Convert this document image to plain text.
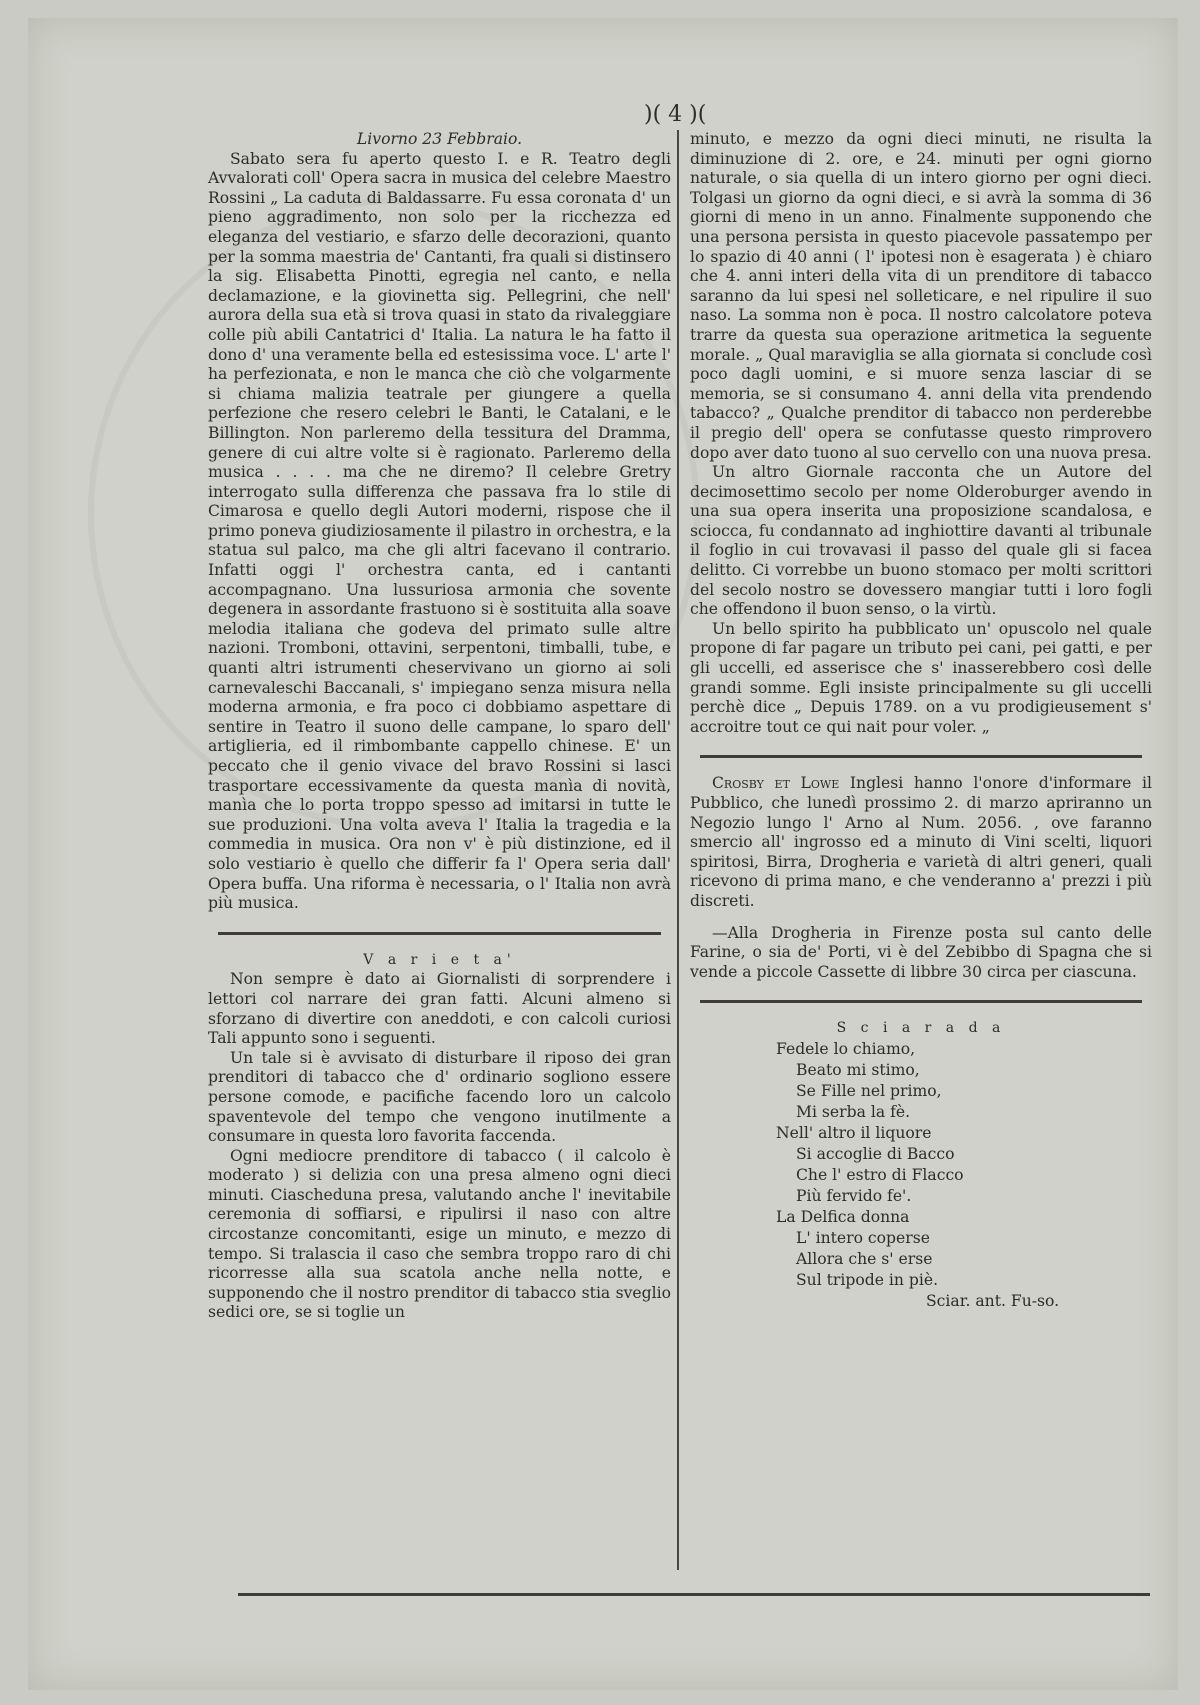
)( 4 )(

Livorno 23 Febbraio.

Sabato sera fu aperto questo I. e R. Teatro degli Avvalorati coll' Opera sacra in musica del celebre Maestro Rossini „ La caduta di Baldassarre. Fu essa coronata d' un pieno aggradimento, non solo per la ricchezza ed eleganza del vestiario, e sfarzo delle decorazioni, quanto per la somma maestria de' Cantanti, fra quali si distinsero la sig. Elisabetta Pinotti, egregia nel canto, e nella declamazione, e la giovinetta sig. Pellegrini, che nell' aurora della sua età si trova quasi in stato da rivaleggiare colle più abili Cantatrici d' Italia. La natura le ha fatto il dono d' una veramente bella ed estesissima voce. L' arte l' ha perfezionata, e non le manca che ciò che volgarmente si chiama malizia teatrale per giungere a quella perfezione che resero celebri le Banti, le Catalani, e le Billington. Non parleremo della tessitura del Dramma, genere di cui altre volte si è ragionato. Parleremo della musica . . . . ma che ne diremo? Il celebre Gretry interrogato sulla differenza che passava fra lo stile di Cimarosa e quello degli Autori moderni, rispose che il primo poneva giudiziosamente il pilastro in orchestra, e la statua sul palco, ma che gli altri facevano il contrario. Infatti oggi l' orchestra canta, ed i cantanti accompagnano. Una lussuriosa armonia che sovente degenera in assordante frastuono si è sostituita alla soave melodia italiana che godeva del primato sulle altre nazioni. Tromboni, ottavini, serpentoni, timballi, tube, e quanti altri istrumenti cheservivano un giorno ai soli carnevaleschi Baccanali, s' impiegano senza misura nella moderna armonia, e fra poco ci dobbiamo aspettare di sentire in Teatro il suono delle campane, lo sparo dell' artiglieria, ed il rimbombante cappello chinese. E' un peccato che il genio vivace del bravo Rossini si lasci trasportare eccessivamente da questa manìa di novità, manìa che lo porta troppo spesso ad imitarsi in tutte le sue produzioni. Una volta aveva l' Italia la tragedia e la commedia in musica. Ora non v' è più distinzione, ed il solo vestiario è quello che differir fa l' Opera seria dall' Opera buffa. Una riforma è necessaria, o l' Italia non avrà più musica.

V a r i e t a'

Non sempre è dato ai Giornalisti di sorprendere i lettori col narrare dei gran fatti. Alcuni almeno si sforzano di divertire con aneddoti, e con calcoli curiosi Tali appunto sono i seguenti.

Un tale si è avvisato di disturbare il riposo dei gran prenditori di tabacco che d' ordinario sogliono essere persone comode, e pacifiche facendo loro un calcolo spaventevole del tempo che vengono inutilmente a consumare in questa loro favorita faccenda.

Ogni mediocre prenditore di tabacco ( il calcolo è moderato ) si delizia con una presa almeno ogni dieci minuti. Ciascheduna presa, valutando anche l' inevitabile ceremonia di soffiarsi, e ripulirsi il naso con altre circostanze concomitanti, esige un minuto, e mezzo di tempo. Si tralascia il caso che sembra troppo raro di chi ricorresse alla sua scatola anche nella notte, e supponendo che il nostro prenditor di tabacco stia sveglio sedici ore, se si toglie un

minuto, e mezzo da ogni dieci minuti, ne risulta la diminuzione di 2. ore, e 24. minuti per ogni giorno naturale, o sia quella di un intero giorno per ogni dieci. Tolgasi un giorno da ogni dieci, e si avrà la somma di 36 giorni di meno in un anno. Finalmente supponendo che una persona persista in questo piacevole passatempo per lo spazio di 40 anni ( l' ipotesi non è esagerata ) è chiaro che 4. anni interi della vita di un prenditore di tabacco saranno da lui spesi nel solleticare, e nel ripulire il suo naso. La somma non è poca. Il nostro calcolatore poteva trarre da questa sua operazione aritmetica la seguente morale. „ Qual maraviglia se alla giornata si conclude così poco dagli uomini, e si muore senza lasciar di se memoria, se si consumano 4. anni della vita prendendo tabacco? „ Qualche prenditor di tabacco non perderebbe il pregio dell' opera se confutasse questo rimprovero dopo aver dato tuono al suo cervello con una nuova presa.

Un altro Giornale racconta che un Autore del decimosettimo secolo per nome Olderoburger avendo in una sua opera inserita una proposizione scandalosa, e sciocca, fu condannato ad inghiottire davanti al tribunale il foglio in cui trovavasi il passo del quale gli si facea delitto. Ci vorrebbe un buono stomaco per molti scrittori del secolo nostro se dovessero mangiar tutti i loro fogli che offendono il buon senso, o la virtù.

Un bello spirito ha pubblicato un' opuscolo nel quale propone di far pagare un tributo pei cani, pei gatti, e per gli uccelli, ed asserisce che s' inasserebbero così delle grandi somme. Egli insiste principalmente su gli uccelli perchè dice „ Depuis 1789. on a vu prodigieusement s' accroitre tout ce qui nait pour voler. „

Crosby et Lowe Inglesi hanno l'onore d'informare il Pubblico, che lunedì prossimo 2. di marzo apriranno un Negozio lungo l' Arno al Num. 2056. , ove faranno smercio all' ingrosso ed a minuto di Vini scelti, liquori spiritosi, Birra, Drogheria e varietà di altri generi, quali ricevono di prima mano, e che venderanno a' prezzi i più discreti.

—Alla Drogheria in Firenze posta sul canto delle Farine, o sia de' Porti, vi è del Zebibbo di Spagna che si vende a piccole Cassette di libbre 30 circa per ciascuna.

S c i a r a d a

Fedele lo chiamo,
Beato mi stimo,
Se Fille nel primo,
Mi serba la fè.
Nell' altro il liquore
Si accoglie di Bacco
Che l' estro di Flacco
Più fervido fe'.
La Delfica donna
L' intero coperse
Allora che s' erse
Sul tripode in piè.
Sciar. ant. Fu-so.
